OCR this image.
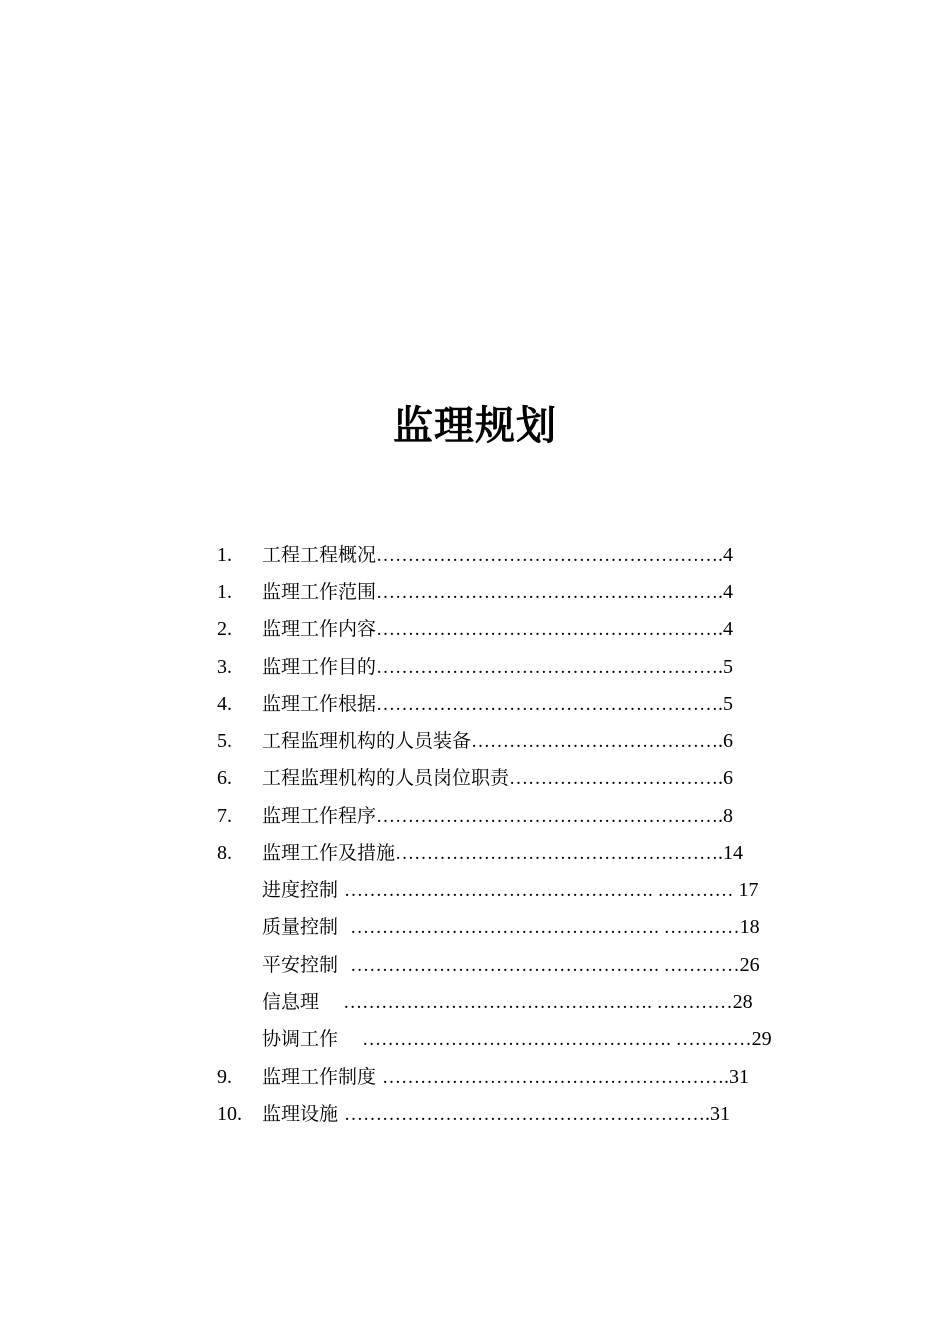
监理规划
1. 工程工程概况……………………………………………….4
1. 监理工作范围……………………………………………….4
2. 监理工作内容……………………………………………….4
3. 监理工作目的……………………………………………….5
4. 监理工作根据……………………………………………….5
5. 工程监理机构的人员装备………………………………….6
6. 工程监理机构的人员岗位职责…………………………….6
7. 监理工作程序……………………………………………….8
8. 监理工作及措施…………………………………………….14
进度控制 …………………………………………. ………… 17
质量控制  …………………………………………. …………18
平安控制  …………………………………………. …………26
信息理    …………………………………………. …………28
协调工作    …………………………………………. …………29
9. 监理工作制度 ……………………………………………….31
10. 监理设施 ………………………………………………….31
